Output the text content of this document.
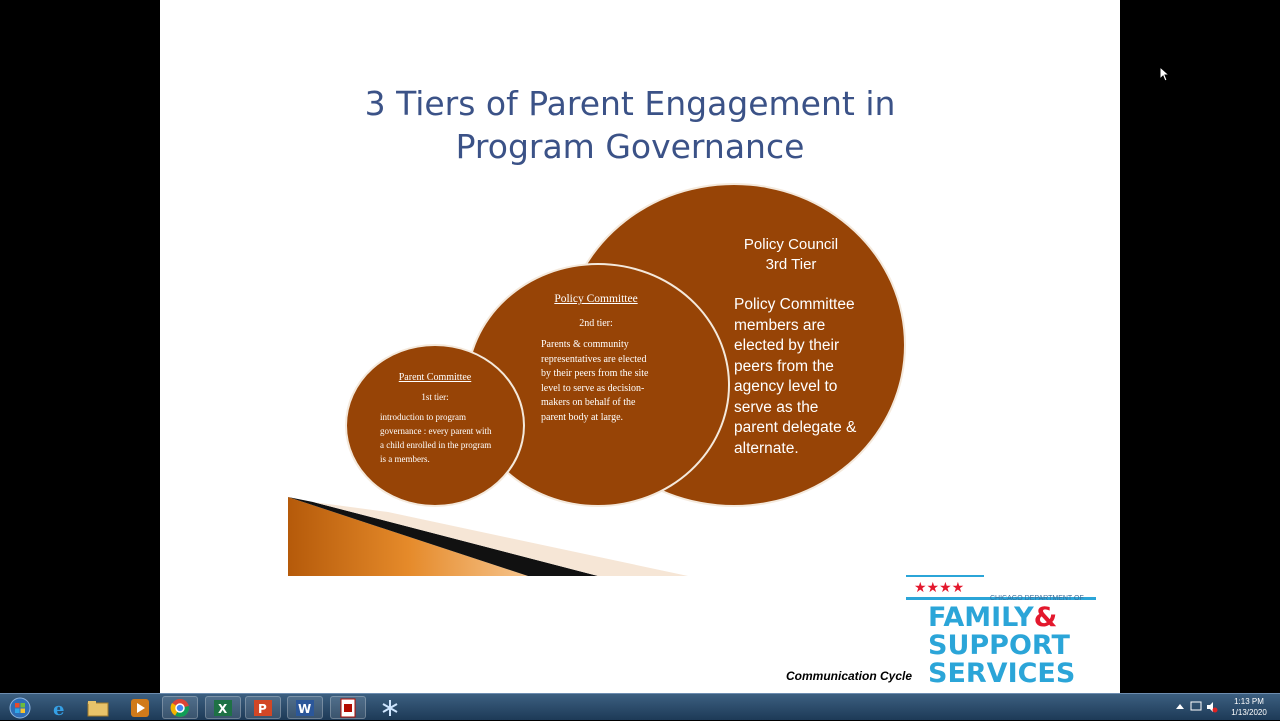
3 Tiers of Parent Engagement in
Program Governance
Policy Council
3rd Tier
Policy Committee members are elected by their peers from the agency level to serve as the parent delegate & alternate.
Policy Committee
2nd tier:
Parents & community representatives are elected by their peers from the site level to serve as decision-makers on behalf of the parent body at large.
Parent Committee
1st tier:
introduction to program governance : every parent with a child enrolled in the program is a members.
Communication Cycle
★★★★
CHICAGO DEPARTMENT OF
FAMILY&
SUPPORT
SERVICES
e	X	P	W	1:13 PM
1/13/2020
